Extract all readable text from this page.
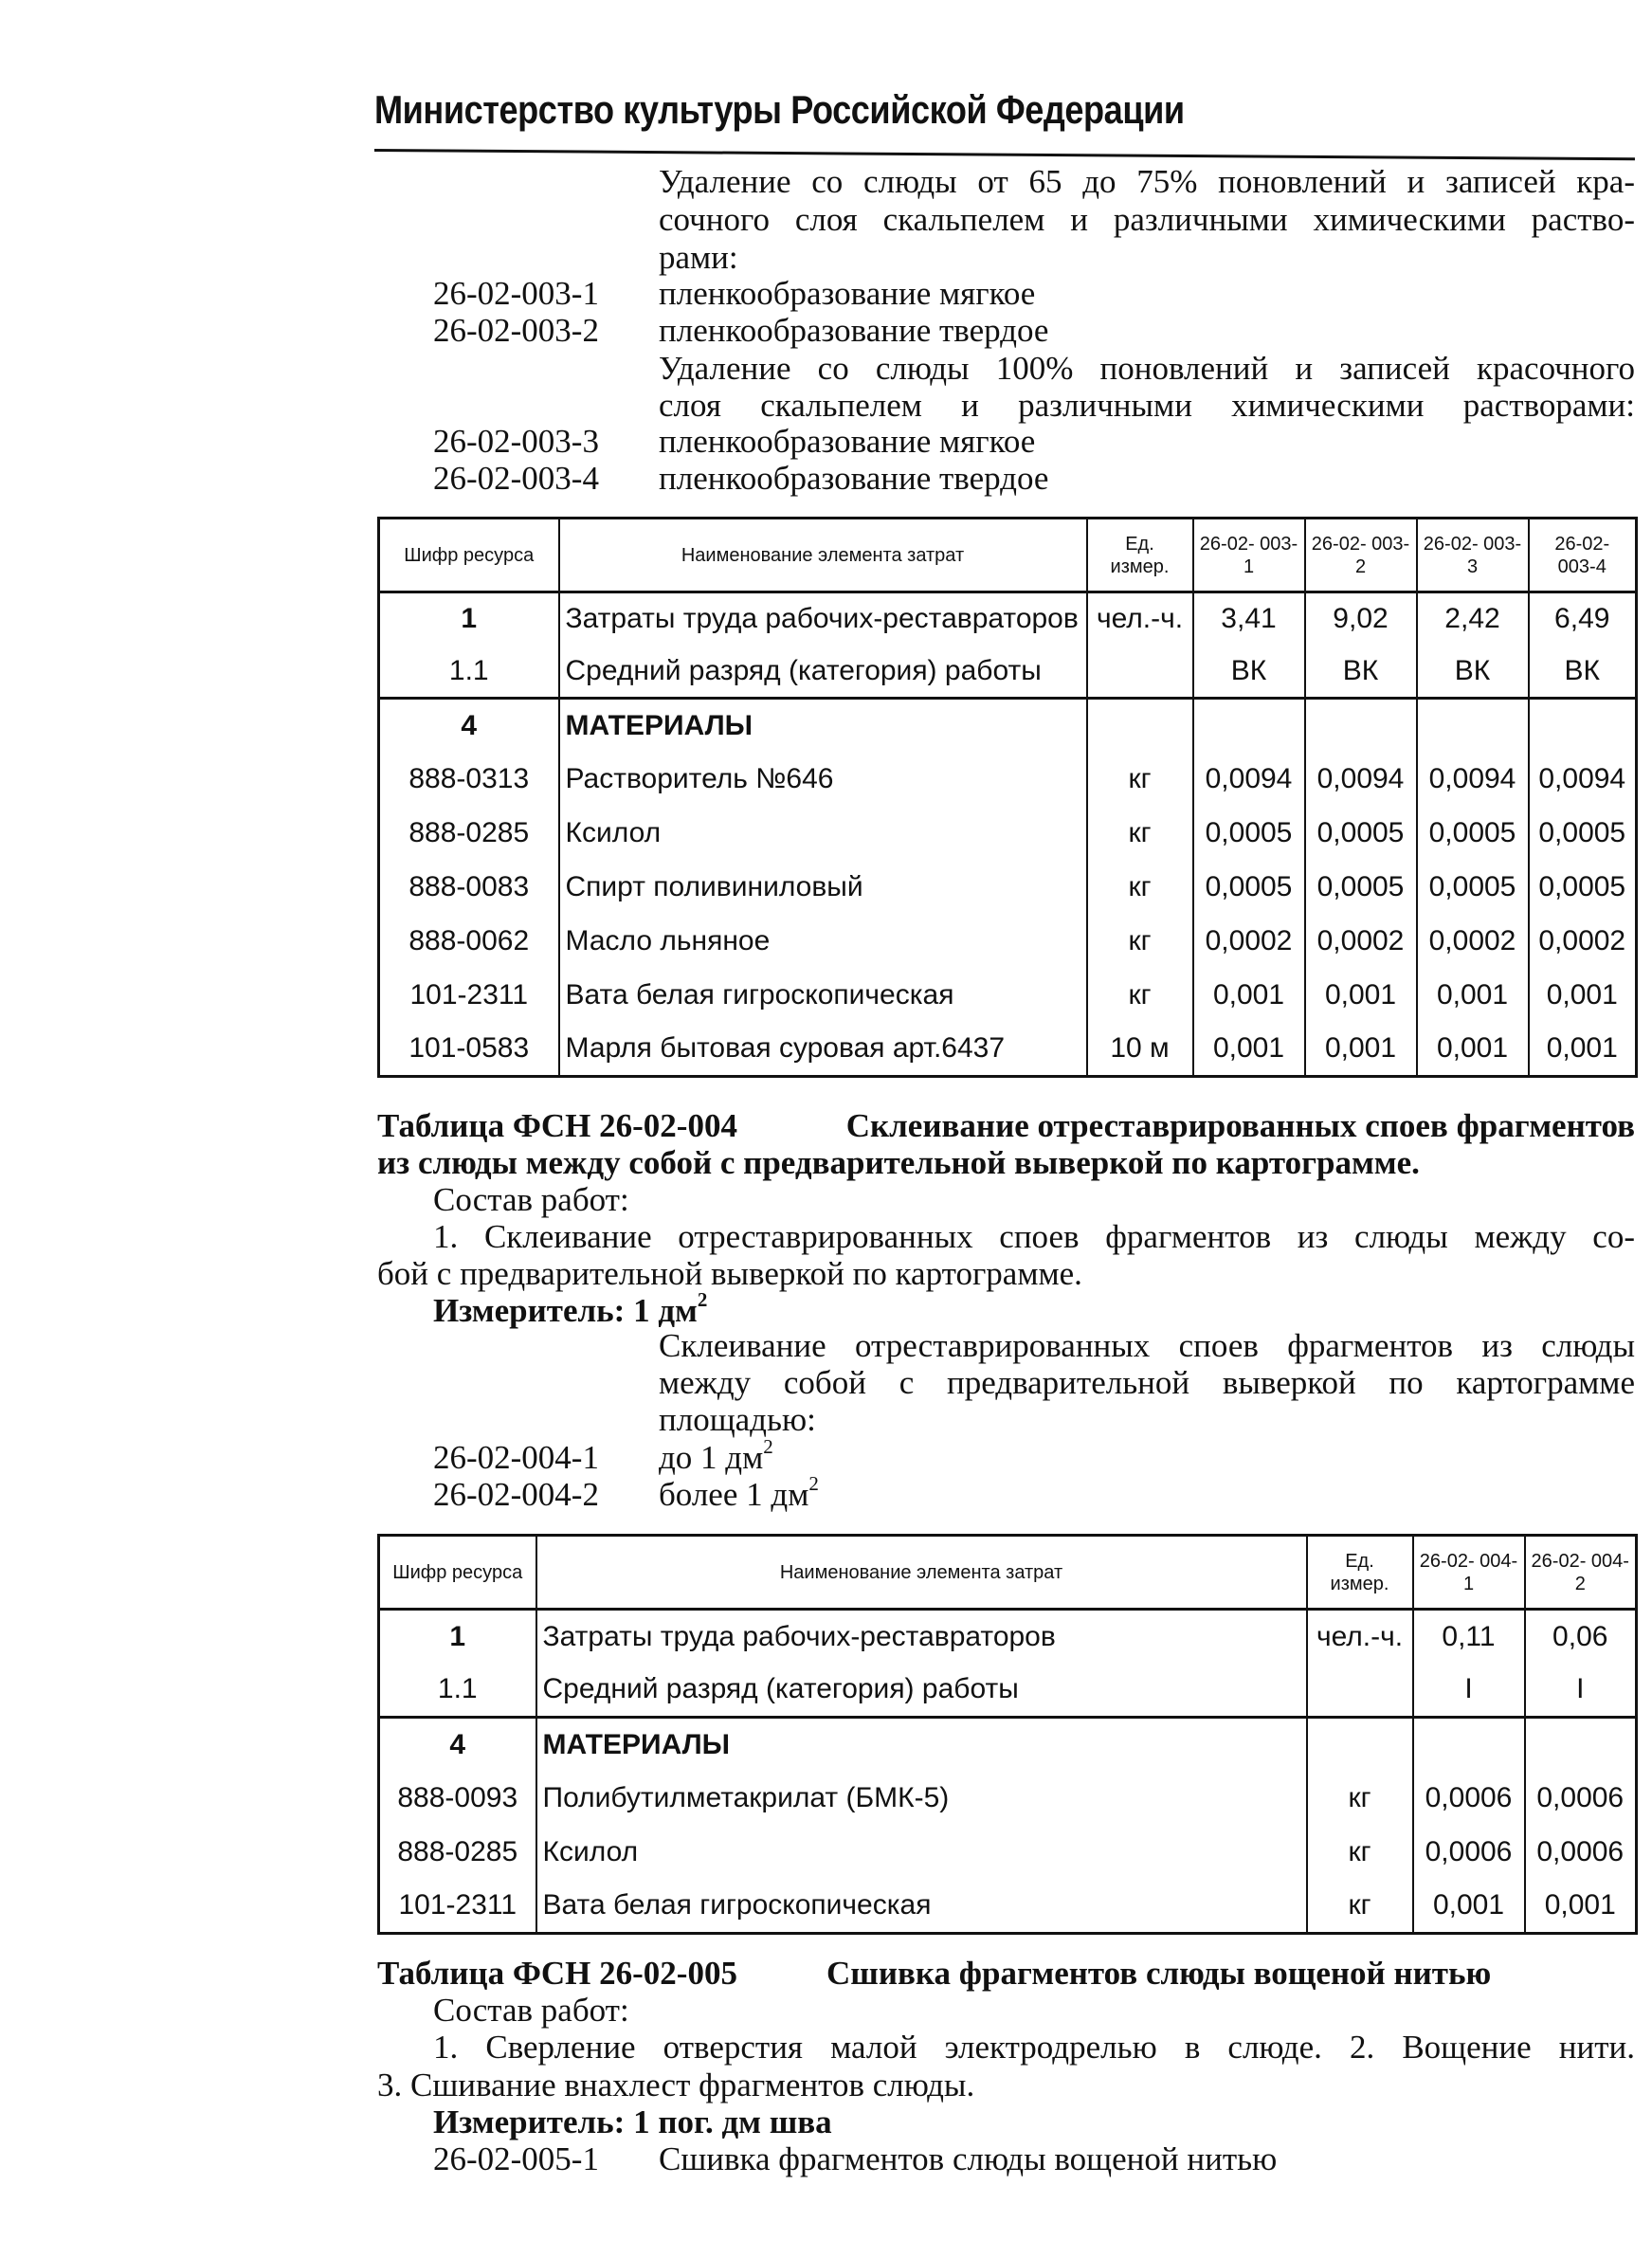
Министерство культуры Российской Федерации
Удаление со слюды от 65 до 75% поновлений и записей кра-
сочного слоя скальпелем и различными химическими раство-
рами:
26-02-003-1 пленкообразование мягкое
26-02-003-2 пленкообразование твердое
Удаление со слюды 100% поновлений и записей красочного
слоя скальпелем и различными химическими растворами:
26-02-003-3 пленкообразование мягкое
26-02-003-4 пленкообразование твердое
Шифр ресурса	Наименование элемента затрат	Ед. измер.	26-02- 003-1	26-02- 003-2	26-02- 003-3	26-02- 003-4
1	Затраты труда рабочих-реставраторов	чел.-ч.	3,41	9,02	2,42	6,49
1.1	Средний разряд (категория) работы		ВК	ВК	ВК	ВК
4	МАТЕРИАЛЫ					
888-0313	Растворитель №646	кг	0,0094	0,0094	0,0094	0,0094
888-0285	Ксилол	кг	0,0005	0,0005	0,0005	0,0005
888-0083	Спирт поливиниловый	кг	0,0005	0,0005	0,0005	0,0005
888-0062	Масло льняное	кг	0,0002	0,0002	0,0002	0,0002
101-2311	Вата белая гигроскопическая	кг	0,001	0,001	0,001	0,001
101-0583	Марля бытовая суровая арт.6437	10 м	0,001	0,001	0,001	0,001
Таблица ФСН 26-02-004	Склеивание отреставрированных споев фрагментов
из слюды между собой с предварительной выверкой по картограмме.
Состав работ:
1. Склеивание отреставрированных споев фрагментов из слюды между со-
бой с предварительной выверкой по картограмме.
Измеритель: 1 $дм^2$
Склеивание отреставрированных споев фрагментов из слюды
между собой с предварительной выверкой по картограмме
площадью:
26-02-004-1 до 1 $дм^2$
26-02-004-2 более 1 $дм^2$
Шифр ресурса	Наименование элемента затрат	Ед. измер.	26-02- 004-1	26-02- 004-2
1	Затраты труда рабочих-реставраторов	чел.-ч.	0,11	0,06
1.1	Средний разряд (категория) работы		I	I
4	МАТЕРИАЛЫ			
888-0093	Полибутилметакрилат (БМК-5)	кг	0,0006	0,0006
888-0285	Ксилол	кг	0,0006	0,0006
101-2311	Вата белая гигроскопическая	кг	0,001	0,001
Таблица ФСН 26-02-005	Сшивка фрагментов слюды вощеной нитью
Состав работ:
1. Сверление отверстия малой электродрелью в слюде. 2. Вощение нити.
3. Сшивание внахлест фрагментов слюды.
Измеритель: 1 пог. дм шва
26-02-005-1 Сшивка фрагментов слюды вощеной нитью
